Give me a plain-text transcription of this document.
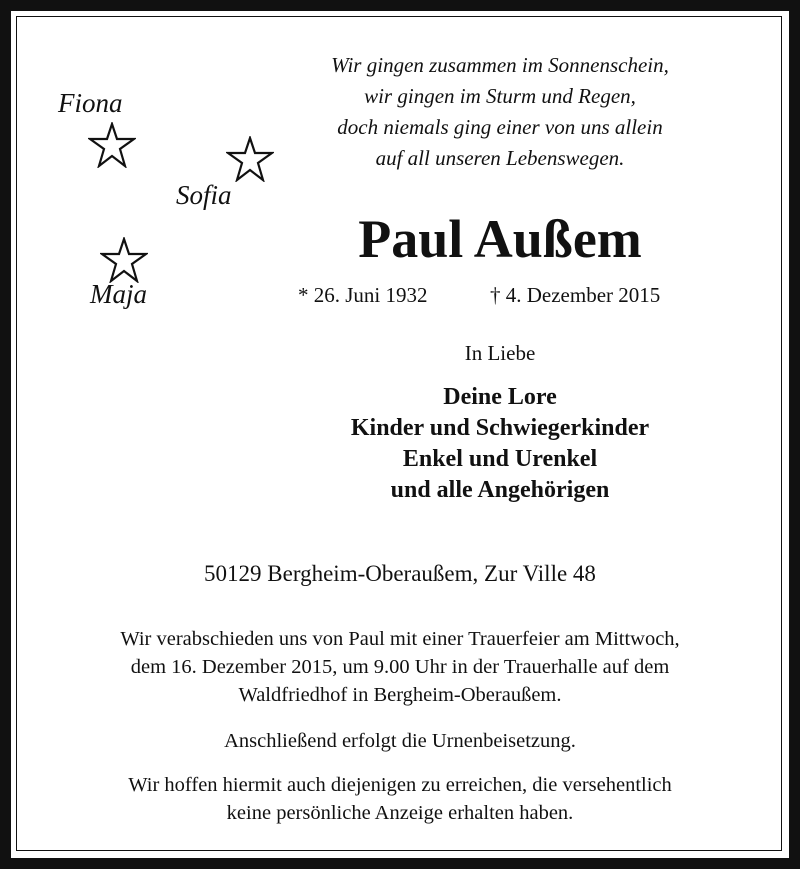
Fiona
Sofia
Maja
Wir gingen zusammen im Sonnenschein,
wir gingen im Sturm und Regen,
doch niemals ging einer von uns allein
auf all unseren Lebenswegen.
Paul Außem
* 26. Juni 1932	† 4. Dezember 2015
In Liebe
Deine Lore
Kinder und Schwiegerkinder
Enkel und Urenkel
und alle Angehörigen
50129 Bergheim-Oberaußem, Zur Ville 48
Wir verabschieden uns von Paul mit einer Trauerfeier am Mittwoch,
dem 16. Dezember 2015, um 9.00 Uhr in der Trauerhalle auf dem
Waldfriedhof in Bergheim-Oberaußem.
Anschließend erfolgt die Urnenbeisetzung.
Wir hoffen hiermit auch diejenigen zu erreichen, die versehentlich
keine persönliche Anzeige erhalten haben.
